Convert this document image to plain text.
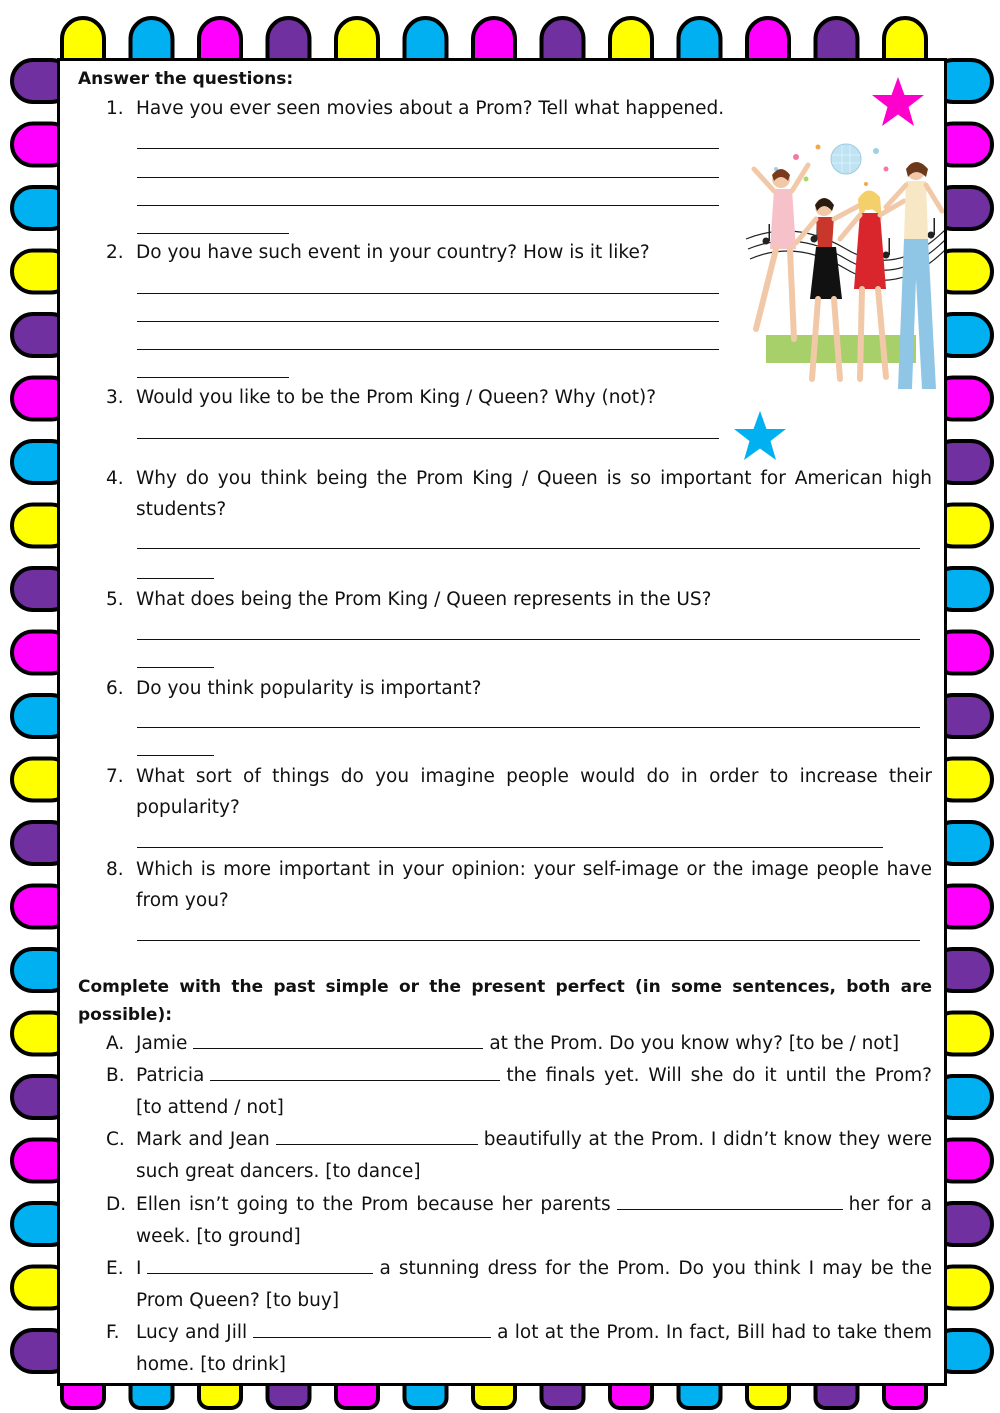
Answer the questions:

1. Have you ever seen movies about a Prom? Tell what happened.
2. Do you have such event in your country? How is it like?
3. Would you like to be the Prom King / Queen? Why (not)?
4. Why do you think being the Prom King / Queen is so important for American high students?
5. What does being the Prom King / Queen represents in the US?
6. Do you think popularity is important?
7. What sort of things do you imagine people would do in order to increase their popularity?
8. Which is more important in your opinion: your self-image or the image people have from you?

Complete with the past simple or the present perfect (in some sentences, both are possible):

A. Jamie	at the Prom. Do you know why? [to be / not]
B. Patricia	the finals yet. Will she do it until the Prom? [to attend / not]
C. Mark and Jean	beautifully at the Prom. I didn’t know they were such great dancers. [to dance]
D. Ellen isn’t going to the Prom because her parents	her for a week. [to ground]
E. I	a stunning dress for the Prom. Do you think I may be the Prom Queen? [to buy]
F. Lucy and Jill	a lot at the Prom. In fact, Bill had to take them home. [to drink]
